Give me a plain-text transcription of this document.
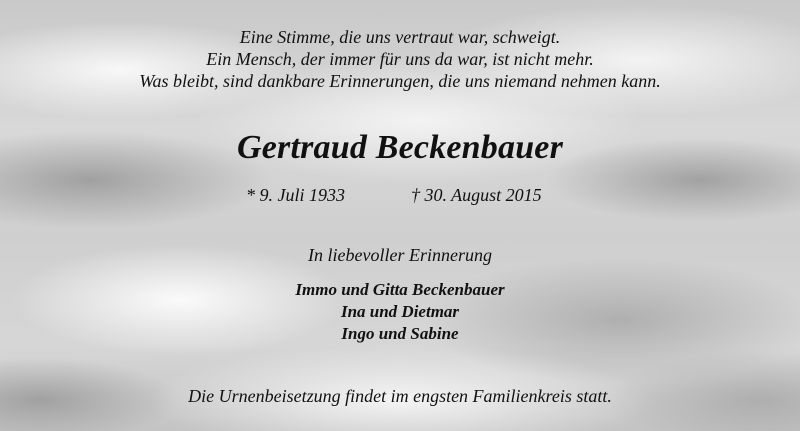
Eine Stimme, die uns vertraut war, schweigt.
Ein Mensch, der immer für uns da war, ist nicht mehr.
Was bleibt, sind dankbare Erinnerungen, die uns niemand nehmen kann.

Gertraud Beckenbauer
* 9. Juli 1933	† 30. August 2015

In liebevoller Erinnerung

Immo und Gitta Beckenbauer
Ina und Dietmar
Ingo und Sabine

Die Urnenbeisetzung findet im engsten Familienkreis statt.
